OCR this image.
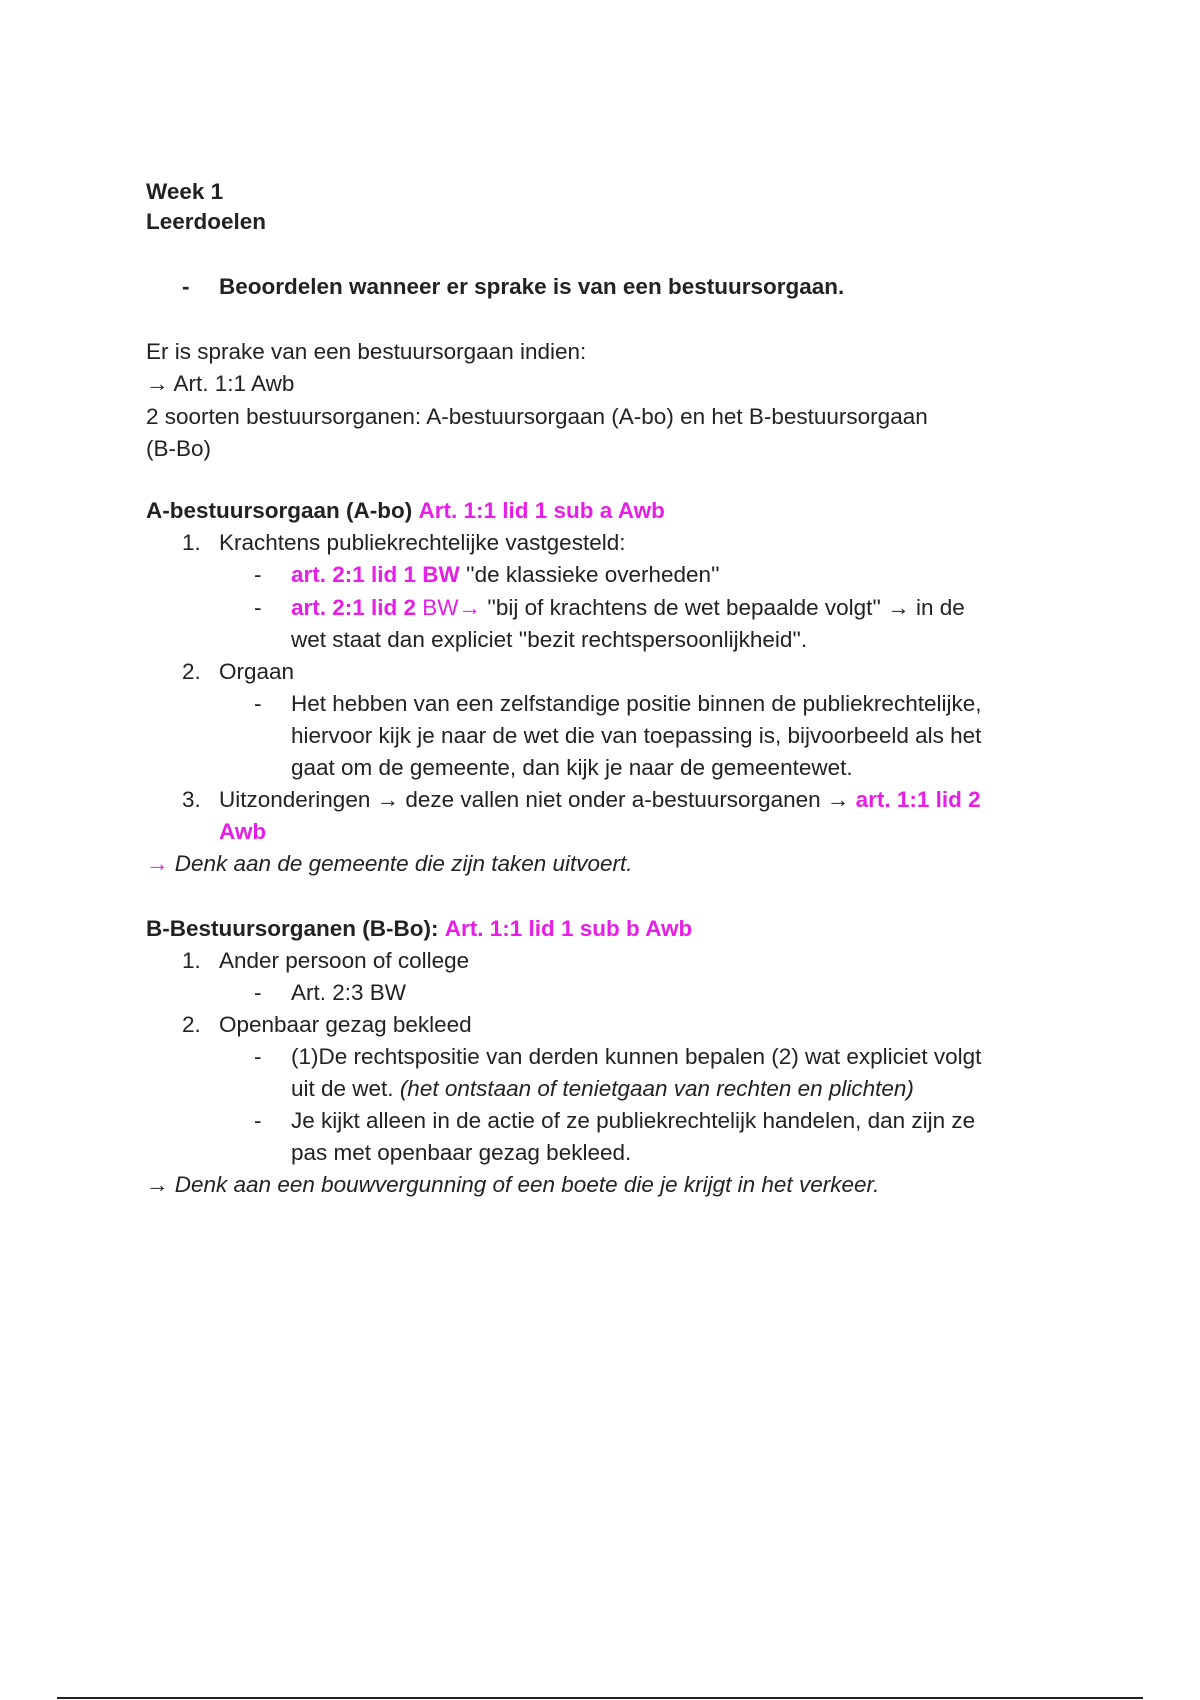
Week 1
Leerdoelen
- Beoordelen wanneer er sprake is van een bestuursorgaan.
Er is sprake van een bestuursorgaan indien:
→ Art. 1:1 Awb
2 soorten bestuursorganen: A-bestuursorgaan (A-bo) en het B-bestuursorgaan
(B-Bo)
A-bestuursorgaan (A-bo) Art. 1:1 lid 1 sub a Awb
1. Krachtens publiekrechtelijke vastgesteld:
- art. 2:1 lid 1 BW ''de klassieke overheden''
- art. 2:1 lid 2 BW→ ''bij of krachtens de wet bepaalde volgt'' → in de
wet staat dan expliciet ''bezit rechtspersoonlijkheid''.
2. Orgaan
- Het hebben van een zelfstandige positie binnen de publiekrechtelijke,
hiervoor kijk je naar de wet die van toepassing is, bijvoorbeeld als het
gaat om de gemeente, dan kijk je naar de gemeentewet.
3. Uitzonderingen → deze vallen niet onder a-bestuursorganen → art. 1:1 lid 2
Awb
→ Denk aan de gemeente die zijn taken uitvoert.
B-Bestuursorganen (B-Bo): Art. 1:1 lid 1 sub b Awb
1. Ander persoon of college
- Art. 2:3 BW
2. Openbaar gezag bekleed
- (1)De rechtspositie van derden kunnen bepalen (2) wat expliciet volgt
uit de wet. (het ontstaan of tenietgaan van rechten en plichten)
- Je kijkt alleen in de actie of ze publiekrechtelijk handelen, dan zijn ze
pas met openbaar gezag bekleed.
→ Denk aan een bouwvergunning of een boete die je krijgt in het verkeer.
